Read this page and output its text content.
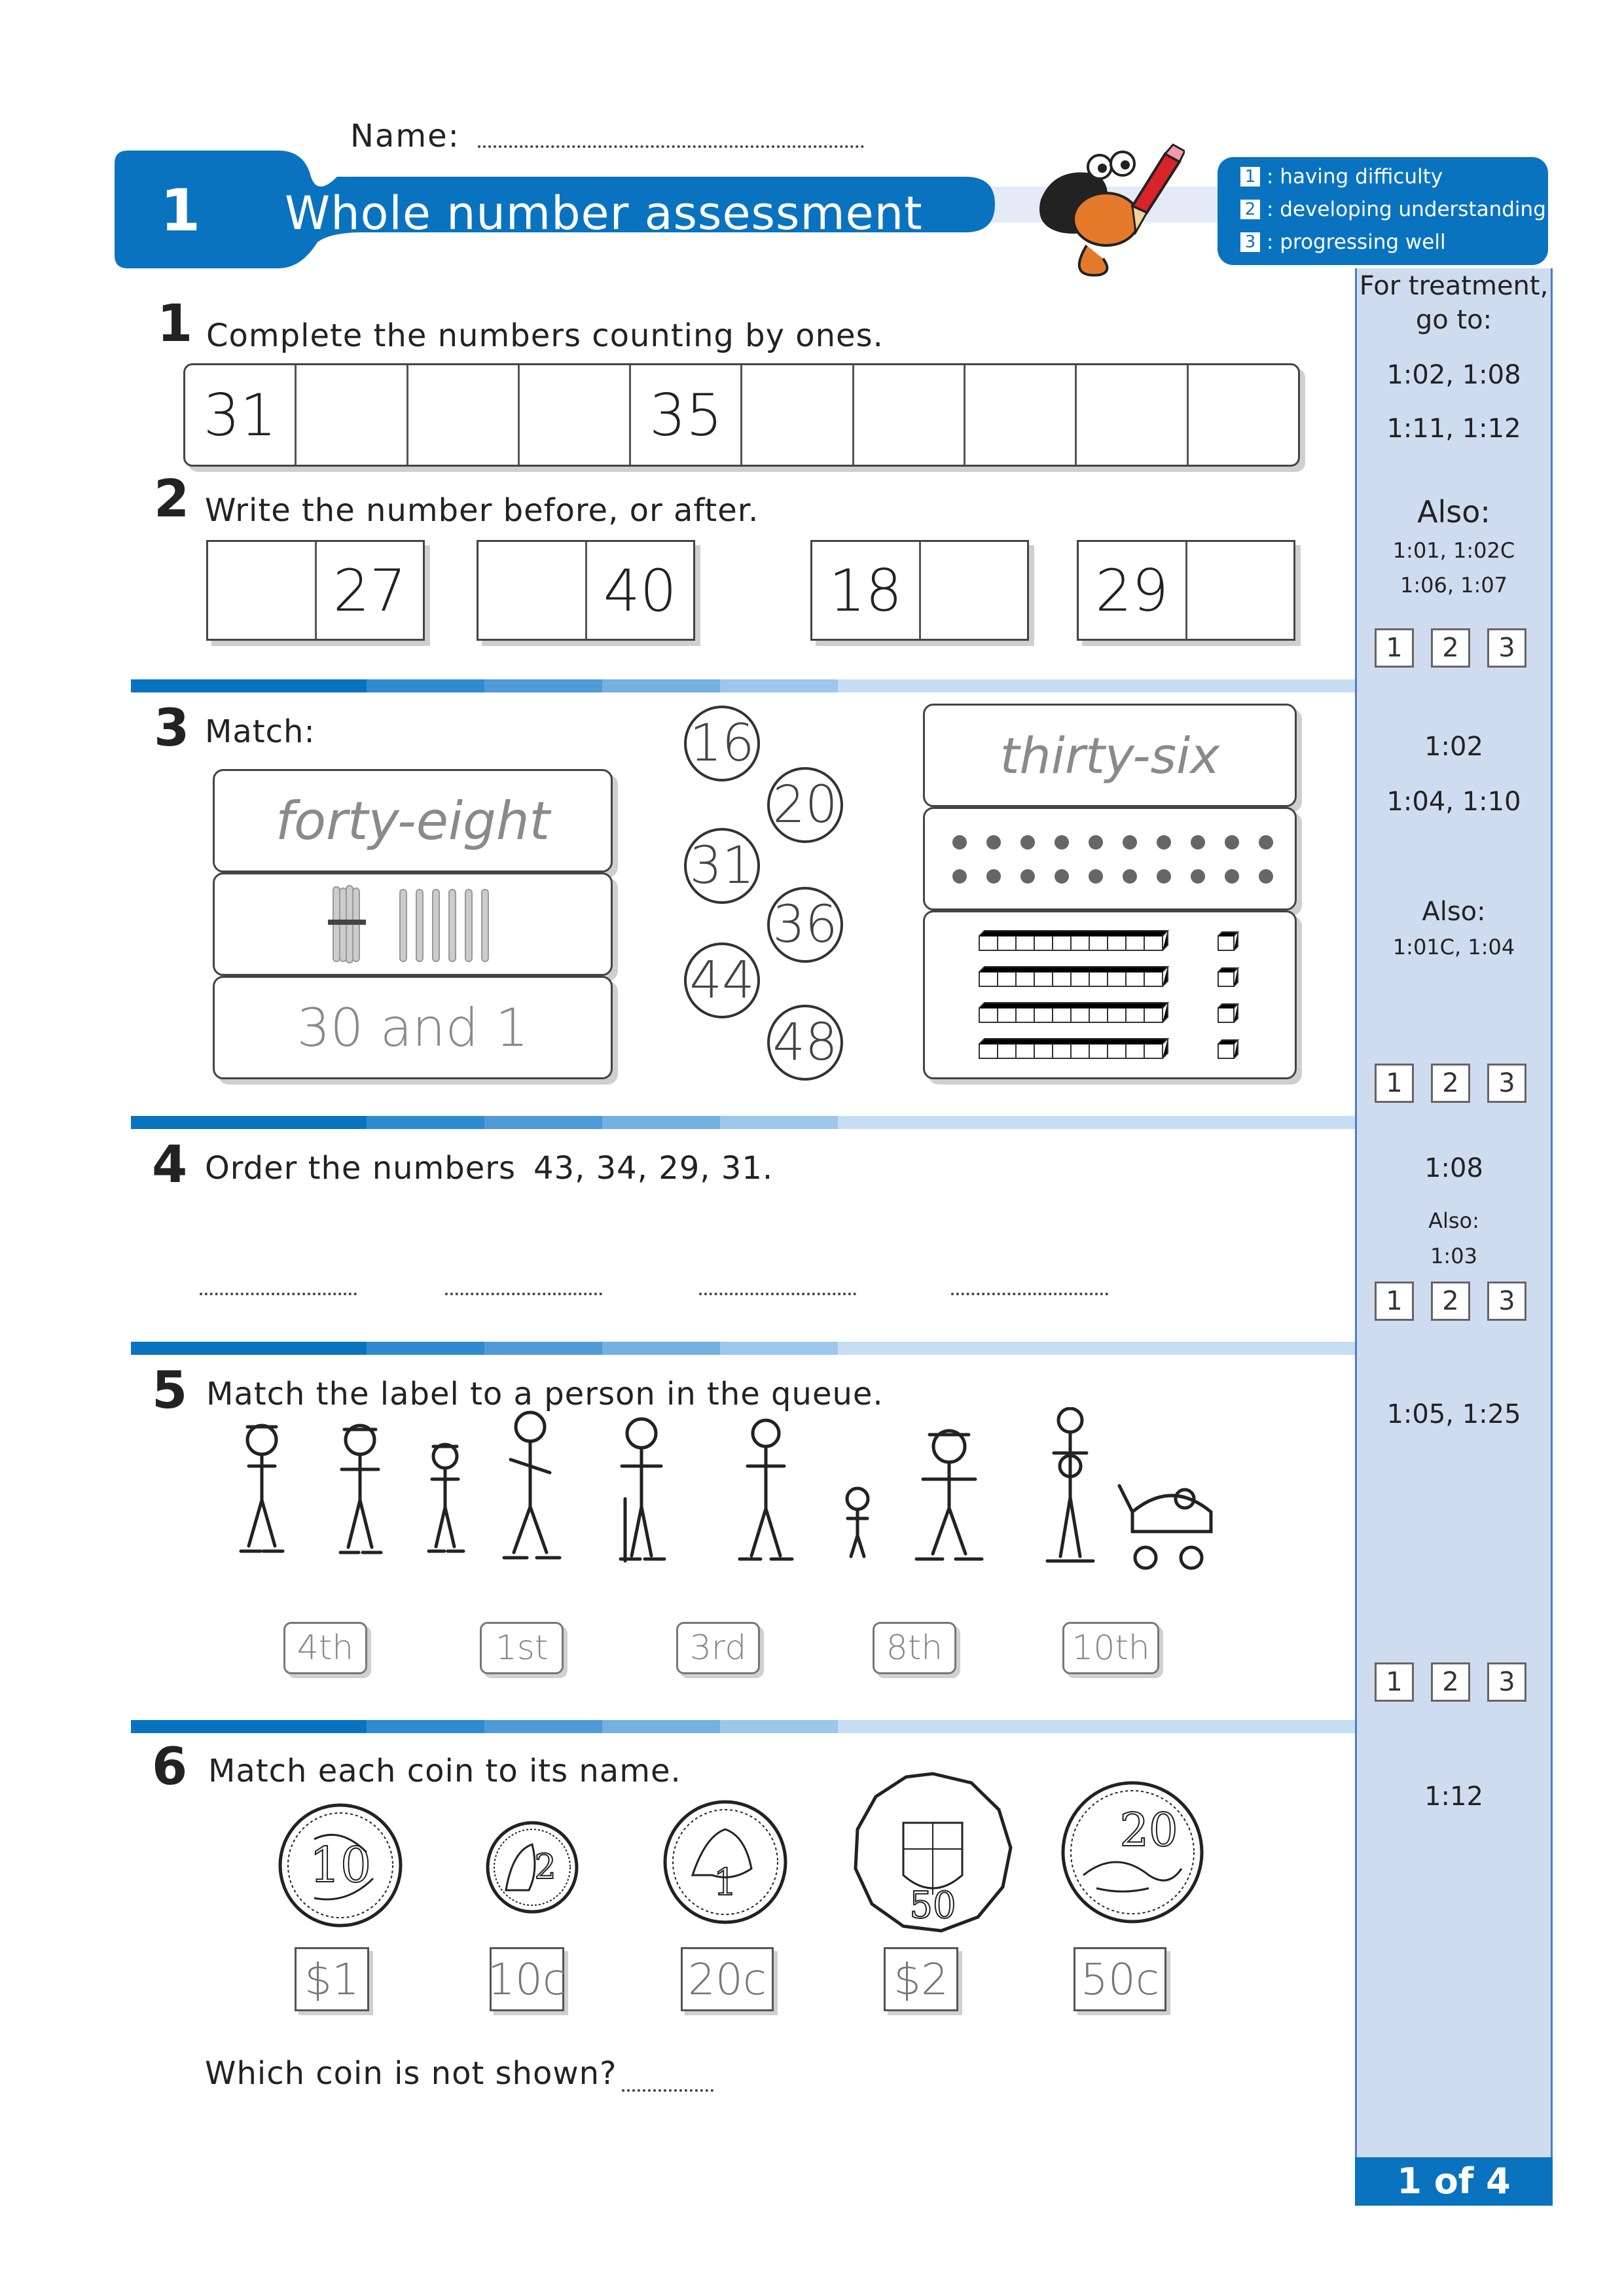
Name:
1 Whole number assessment
1 : having difficulty
2 : developing understanding
3 : progressing well
For treatment,
go to:
1:02, 1:08
1:11, 1:12
Also:
1:01, 1:02C
1:06, 1:07
1:02
1:04, 1:10
Also:
1:01C, 1:04
1:08
Also:
1:03
1:05, 1:25
1:12
1	2	3
1	2	3
1	2	3
1	2	3
1 of 4
1 Complete the numbers counting by ones.
31	35
2 Write the number before, or after.
27	40	18	29
3 Match:
forty-eight
30 and 1
16
20
31
36
44
48
thirty-six
4 Order the numbers 43, 34, 29, 31.
5 Match the label to a person in the queue.
4th	1st	3rd	8th	10th
6 Match each coin to its name.
10	2	1
50
20
$1	10c	20c	$2	50c
Which coin is not shown?
